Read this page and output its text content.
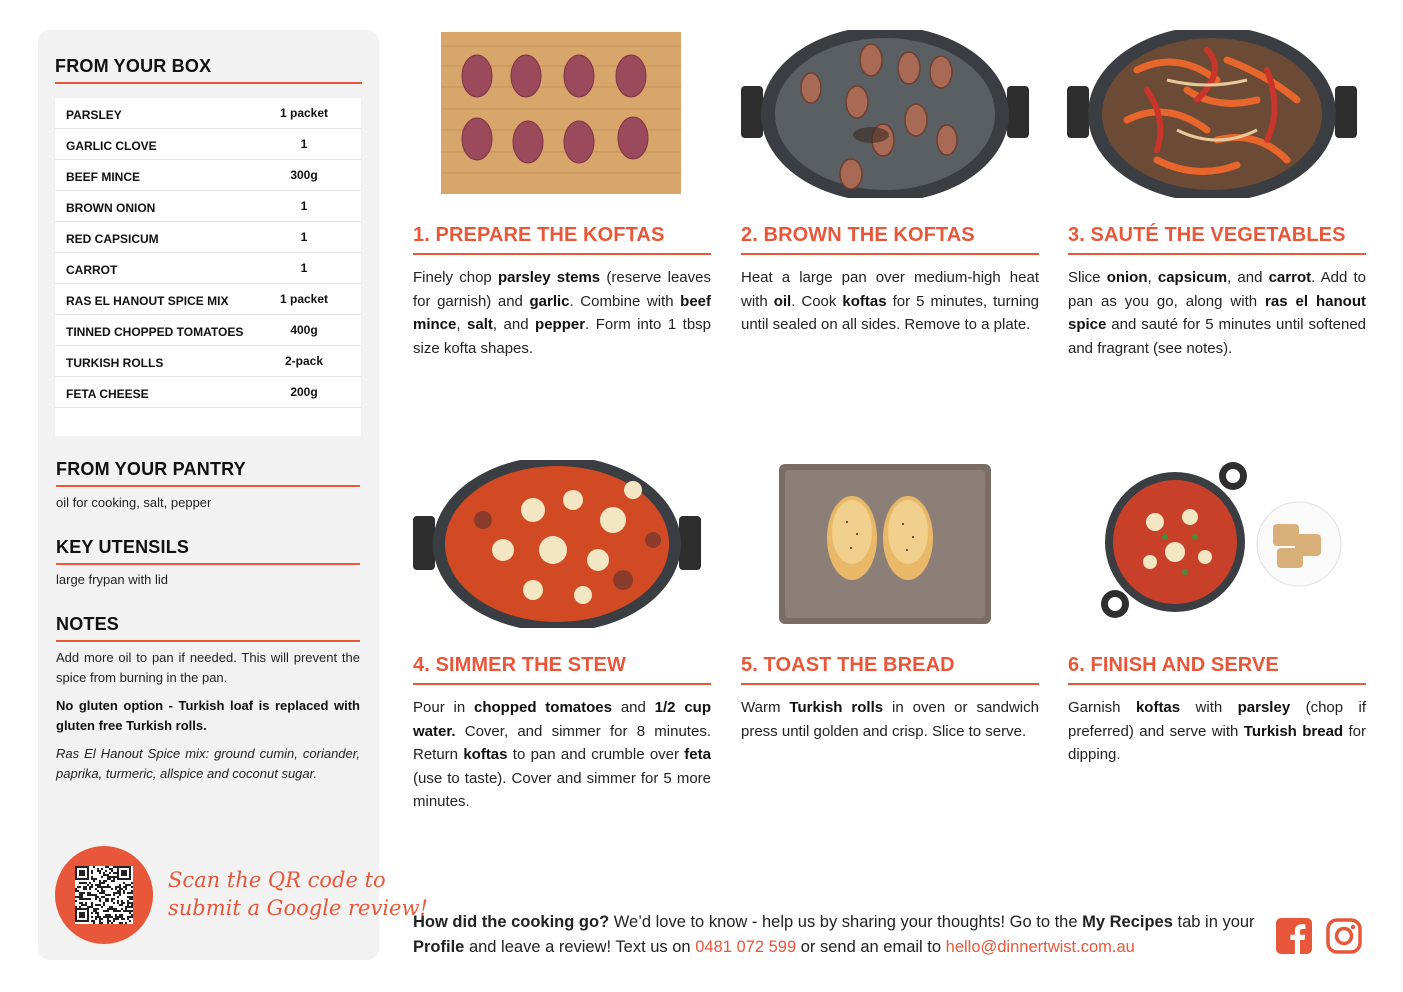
FROM YOUR BOX
PARSLEY	1 packet
GARLIC CLOVE	1
BEEF MINCE	300g
BROWN ONION	1
RED CAPSICUM	1
CARROT	1
RAS EL HANOUT SPICE MIX	1 packet
TINNED CHOPPED TOMATOES	400g
TURKISH ROLLS	2-pack
FETA CHEESE	200g
FROM YOUR PANTRY
oil for cooking, salt, pepper
KEY UTENSILS
large frypan with lid
NOTES
Add more oil to pan if needed. This will prevent the spice from burning in the pan.
No gluten option - Turkish loaf is replaced with gluten free Turkish rolls.
Ras El Hanout Spice mix: ground cumin, coriander, paprika, turmeric, allspice and coconut sugar.
Scan the QR code to
submit a Google review!
1. PREPARE THE KOFTAS
Finely chop parsley stems (reserve leaves for garnish) and garlic. Combine with beef mince, salt, and pepper. Form into 1 tbsp size kofta shapes.
2. BROWN THE KOFTAS
Heat a large pan over medium-high heat with oil. Cook koftas for 5 minutes, turning until sealed on all sides. Remove to a plate.
3. SAUTÉ THE VEGETABLES
Slice onion, capsicum, and carrot. Add to pan as you go, along with ras el hanout spice and sauté for 5 minutes until softened and fragrant (see notes).
4. SIMMER THE STEW
Pour in chopped tomatoes and 1/2 cup water. Cover, and simmer for 8 minutes. Return koftas to pan and crumble over feta (use to taste). Cover and simmer for 5 more minutes.
5. TOAST THE BREAD
Warm Turkish rolls in oven or sandwich press until golden and crisp. Slice to serve.
6. FINISH AND SERVE
Garnish koftas with parsley (chop if preferred) and serve with Turkish bread for dipping.
How did the cooking go? We’d love to know - help us by sharing your thoughts! Go to the My Recipes tab in your Profile and leave a review! Text us on 0481 072 599 or send an email to hello@dinnertwist.com.au
